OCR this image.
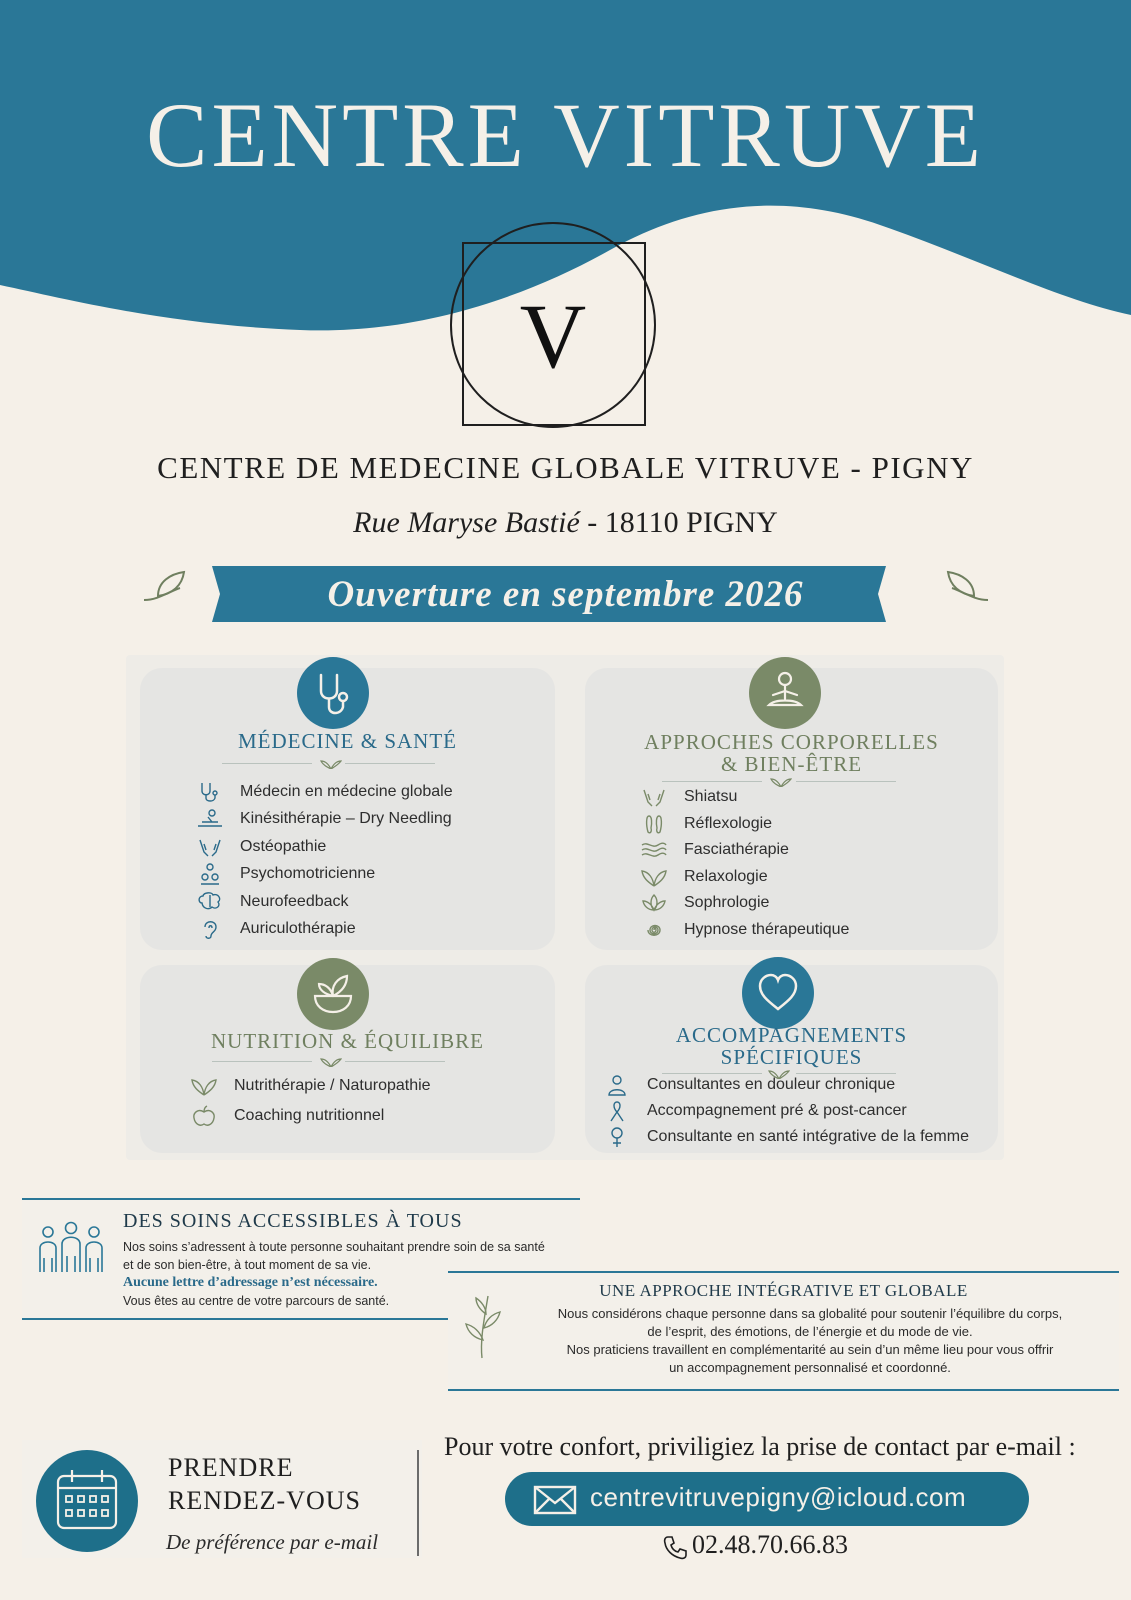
CENTRE VITRUVE
V
CENTRE DE MEDECINE GLOBALE VITRUVE - PIGNY
Rue Maryse Bastié - 18110 PIGNY
Ouverture en septembre 2026
MÉDECINE & SANTÉ
Médecin en médecine globale
Kinésithérapie – Dry Needling
Ostéopathie
Psychomotricienne
Neurofeedback
Auriculothérapie
APPROCHES CORPORELLES
& BIEN-ÊTRE
Shiatsu
Réflexologie
Fasciathérapie
Relaxologie
Sophrologie
Hypnose thérapeutique
NUTRITION & ÉQUILIBRE
Nutrithérapie / Naturopathie
Coaching nutritionnel
ACCOMPAGNEMENTS
SPÉCIFIQUES
Consultantes en douleur chronique
Accompagnement pré & post-cancer
Consultante en santé intégrative de la femme
DES SOINS ACCESSIBLES À TOUS
Nos soins s’adressent à toute personne souhaitant prendre soin de sa santé
et de son bien-être, à tout moment de sa vie.
Aucune lettre d’adressage n’est nécessaire.
Vous êtes au centre de votre parcours de santé.
UNE APPROCHE INTÉGRATIVE ET GLOBALE
Nous considérons chaque personne dans sa globalité pour soutenir l’équilibre du corps,
de l’esprit, des émotions, de l’énergie et du mode de vie.
Nos praticiens travaillent en complémentarité au sein d’un même lieu pour vous offrir
un accompagnement personnalisé et coordonné.
PRENDRE
RENDEZ-VOUS
De préférence par e-mail
Pour votre confort, priviligiez la prise de contact par e-mail :
centrevitruvepigny@icloud.com
02.48.70.66.83
